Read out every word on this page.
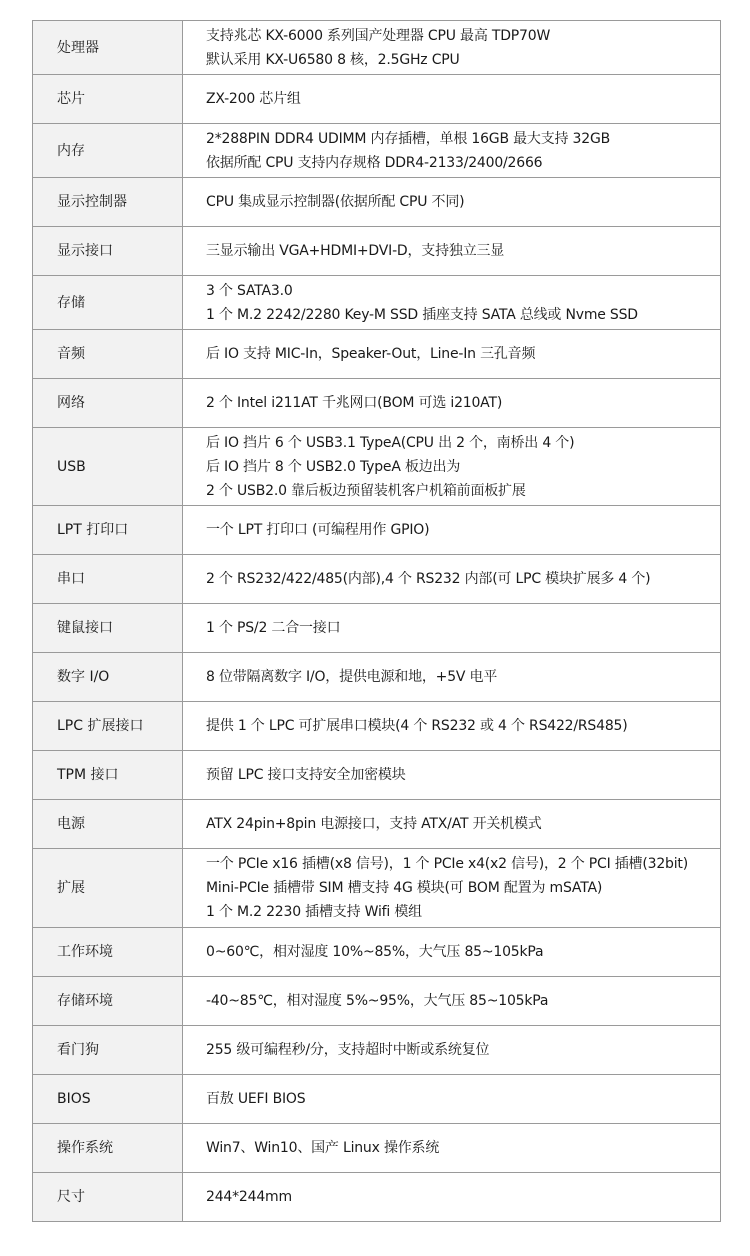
处理器	支持兆芯 KX-6000 系列国产处理器 CPU 最高 TDP70W
默认采用 KX-U6580 8 核，2.5GHz CPU

芯片	ZX-200 芯片组

内存	2*288PIN DDR4 UDIMM 内存插槽，单根 16GB 最大支持 32GB
依据所配 CPU 支持内存规格 DDR4-2133/2400/2666

显示控制器	CPU 集成显示控制器(依据所配 CPU 不同)

显示接口	三显示输出 VGA+HDMI+DVI-D，支持独立三显

存储	3 个 SATA3.0
1 个 M.2 2242/2280 Key-M SSD 插座支持 SATA 总线或 Nvme SSD

音频	后 IO 支持 MIC-In，Speaker-Out，Line-In 三孔音频

网络	2 个 Intel i211AT 千兆网口(BOM 可选 i210AT)

USB	后 IO 挡片 6 个 USB3.1 TypeA(CPU 出 2 个，南桥出 4 个)
后 IO 挡片 8 个 USB2.0 TypeA 板边出为
2 个 USB2.0 靠后板边预留装机客户机箱前面板扩展

LPT 打印口	一个 LPT 打印口 (可编程用作 GPIO)

串口	2 个 RS232/422/485(内部),4 个 RS232 内部(可 LPC 模块扩展多 4 个)

键鼠接口	1 个 PS/2 二合一接口

数字 I/O	8 位带隔离数字 I/O，提供电源和地，+5V 电平

LPC 扩展接口	提供 1 个 LPC 可扩展串口模块(4 个 RS232 或 4 个 RS422/RS485)

TPM 接口	预留 LPC 接口支持安全加密模块

电源	ATX 24pin+8pin 电源接口，支持 ATX/AT 开关机模式

扩展	一个 PCIe x16 插槽(x8 信号)，1 个 PCIe x4(x2 信号)，2 个 PCI 插槽(32bit)
Mini-PCIe 插槽带 SIM 槽支持 4G 模块(可 BOM 配置为 mSATA)
1 个 M.2 2230 插槽支持 Wifi 模组

工作环境	0~60℃，相对湿度 10%~85%，大气压 85~105kPa

存储环境	-40~85℃，相对湿度 5%~95%，大气压 85~105kPa

看门狗	255 级可编程秒/分，支持超时中断或系统复位

BIOS	百敖 UEFI BIOS

操作系统	Win7、Win10、国产 Linux 操作系统

尺寸	244*244mm
